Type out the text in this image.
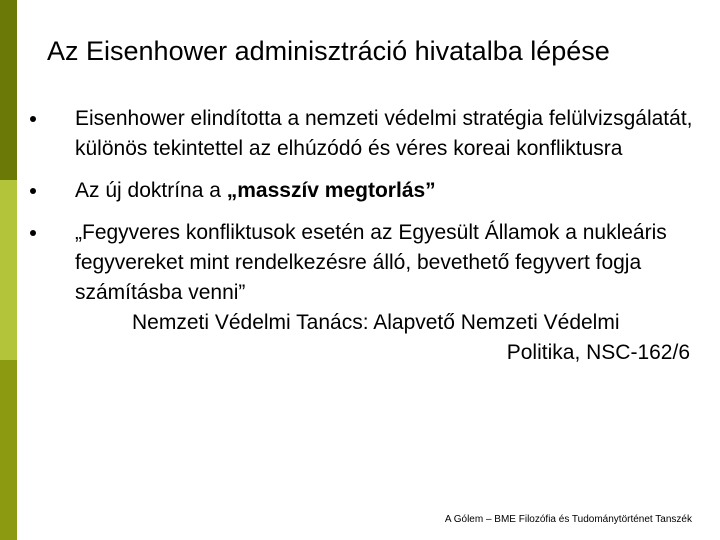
Az Eisenhower adminisztráció hivatalba lépése
Eisenhower elindította a nemzeti védelmi stratégia felülvizsgálatát, különös tekintettel az elhúzódó és véres koreai konfliktusra
Az új doktrína a „masszív megtorlás”
„Fegyveres konfliktusok esetén az Egyesült Államok a nukleáris fegyvereket mint rendelkezésre álló, bevethető fegyvert fogja számításba venni”
Nemzeti Védelmi Tanács: Alapvető Nemzeti Védelmi
Politika, NSC-162/6
A Gólem – BME Filozófia és Tudománytörténet Tanszék
